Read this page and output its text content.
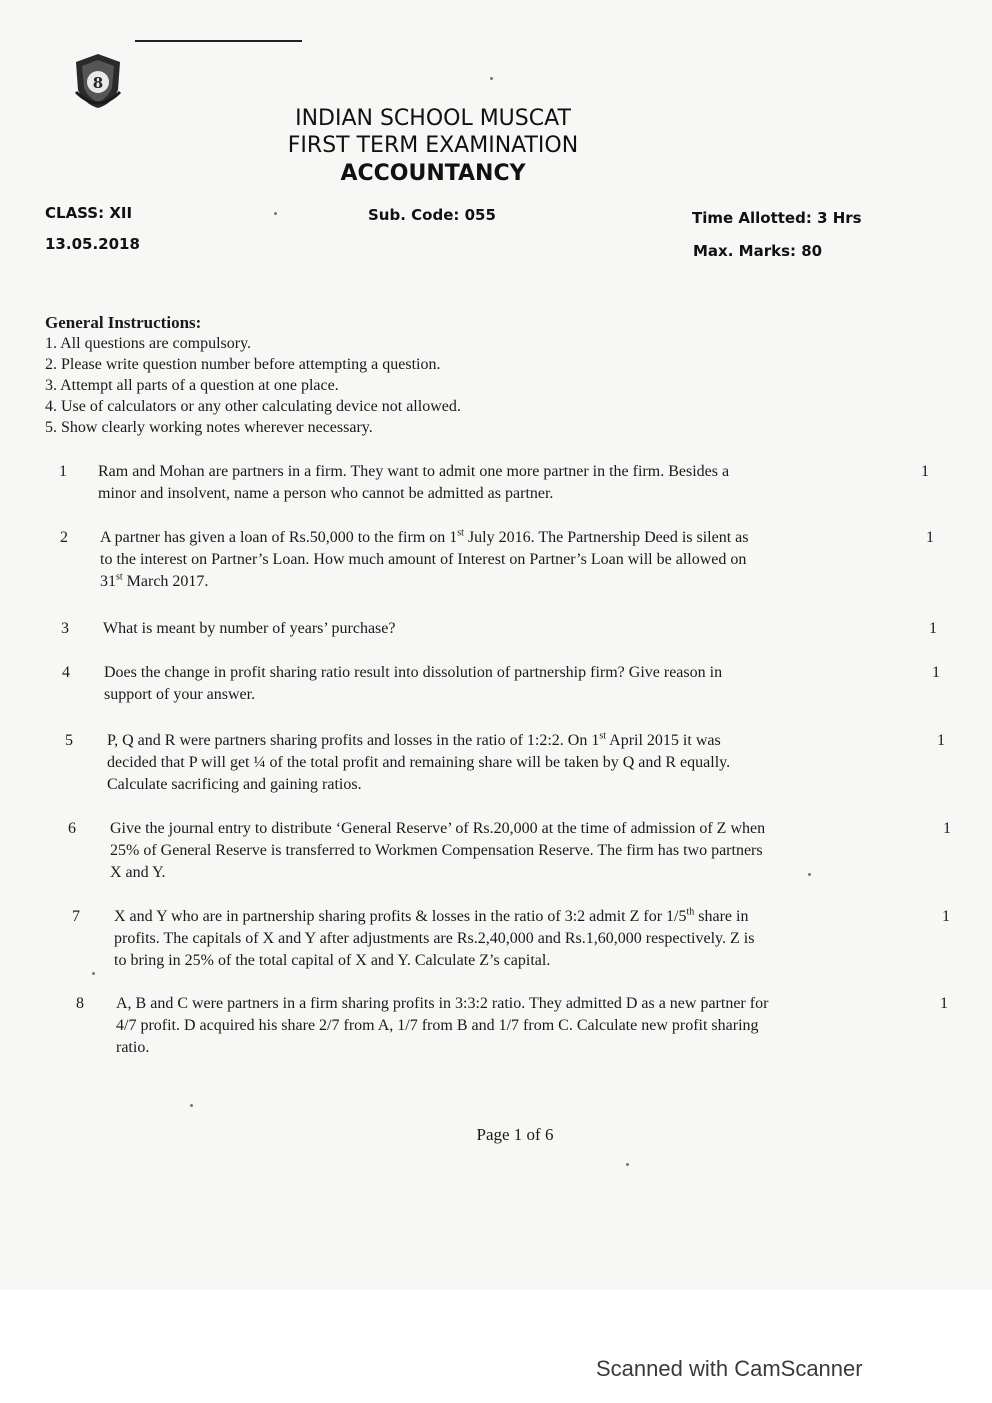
8
INDIAN SCHOOL MUSCAT
FIRST TERM EXAMINATION
ACCOUNTANCY
CLASS: XII
13.05.2018
Sub. Code: 055	Time Allotted: 3 Hrs
Max. Marks: 80
General Instructions:
1. All questions are compulsory.
2. Please write question number before attempting a question.
3. Attempt all parts of a question at one place.
4. Use of calculators or any other calculating device not allowed.
5. Show clearly working notes wherever necessary.
1 Ram and Mohan are partners in a firm. They want to admit one more partner in the firm. Besides a
minor and insolvent, name a person who cannot be admitted as partner.
1
2 A partner has given a loan of Rs.50,000 to the firm on 1st July 2016. The Partnership Deed is silent as
to the interest on Partner’s Loan. How much amount of Interest on Partner’s Loan will be allowed on
31st March 2017.
1
3 What is meant by number of years’ purchase?	1
4 Does the change in profit sharing ratio result into dissolution of partnership firm? Give reason in
support of your answer.
1
5 P, Q and R were partners sharing profits and losses in the ratio of 1:2:2. On 1st April 2015 it was
decided that P will get ¼ of the total profit and remaining share will be taken by Q and R equally.
Calculate sacrificing and gaining ratios.
1
6 Give the journal entry to distribute ‘General Reserve’ of Rs.20,000 at the time of admission of Z when
25% of General Reserve is transferred to Workmen Compensation Reserve. The firm has two partners
X and Y.
1
7 X and Y who are in partnership sharing profits & losses in the ratio of 3:2 admit Z for 1/5th share in
profits. The capitals of X and Y after adjustments are Rs.2,40,000 and Rs.1,60,000 respectively. Z is
to bring in 25% of the total capital of X and Y. Calculate Z’s capital.
1
8 A, B and C were partners in a firm sharing profits in 3:3:2 ratio. They admitted D as a new partner for
4/7 profit. D acquired his share 2/7 from A, 1/7 from B and 1/7 from C. Calculate new profit sharing
ratio.
1
Page 1 of 6
Scanned with CamScanner
